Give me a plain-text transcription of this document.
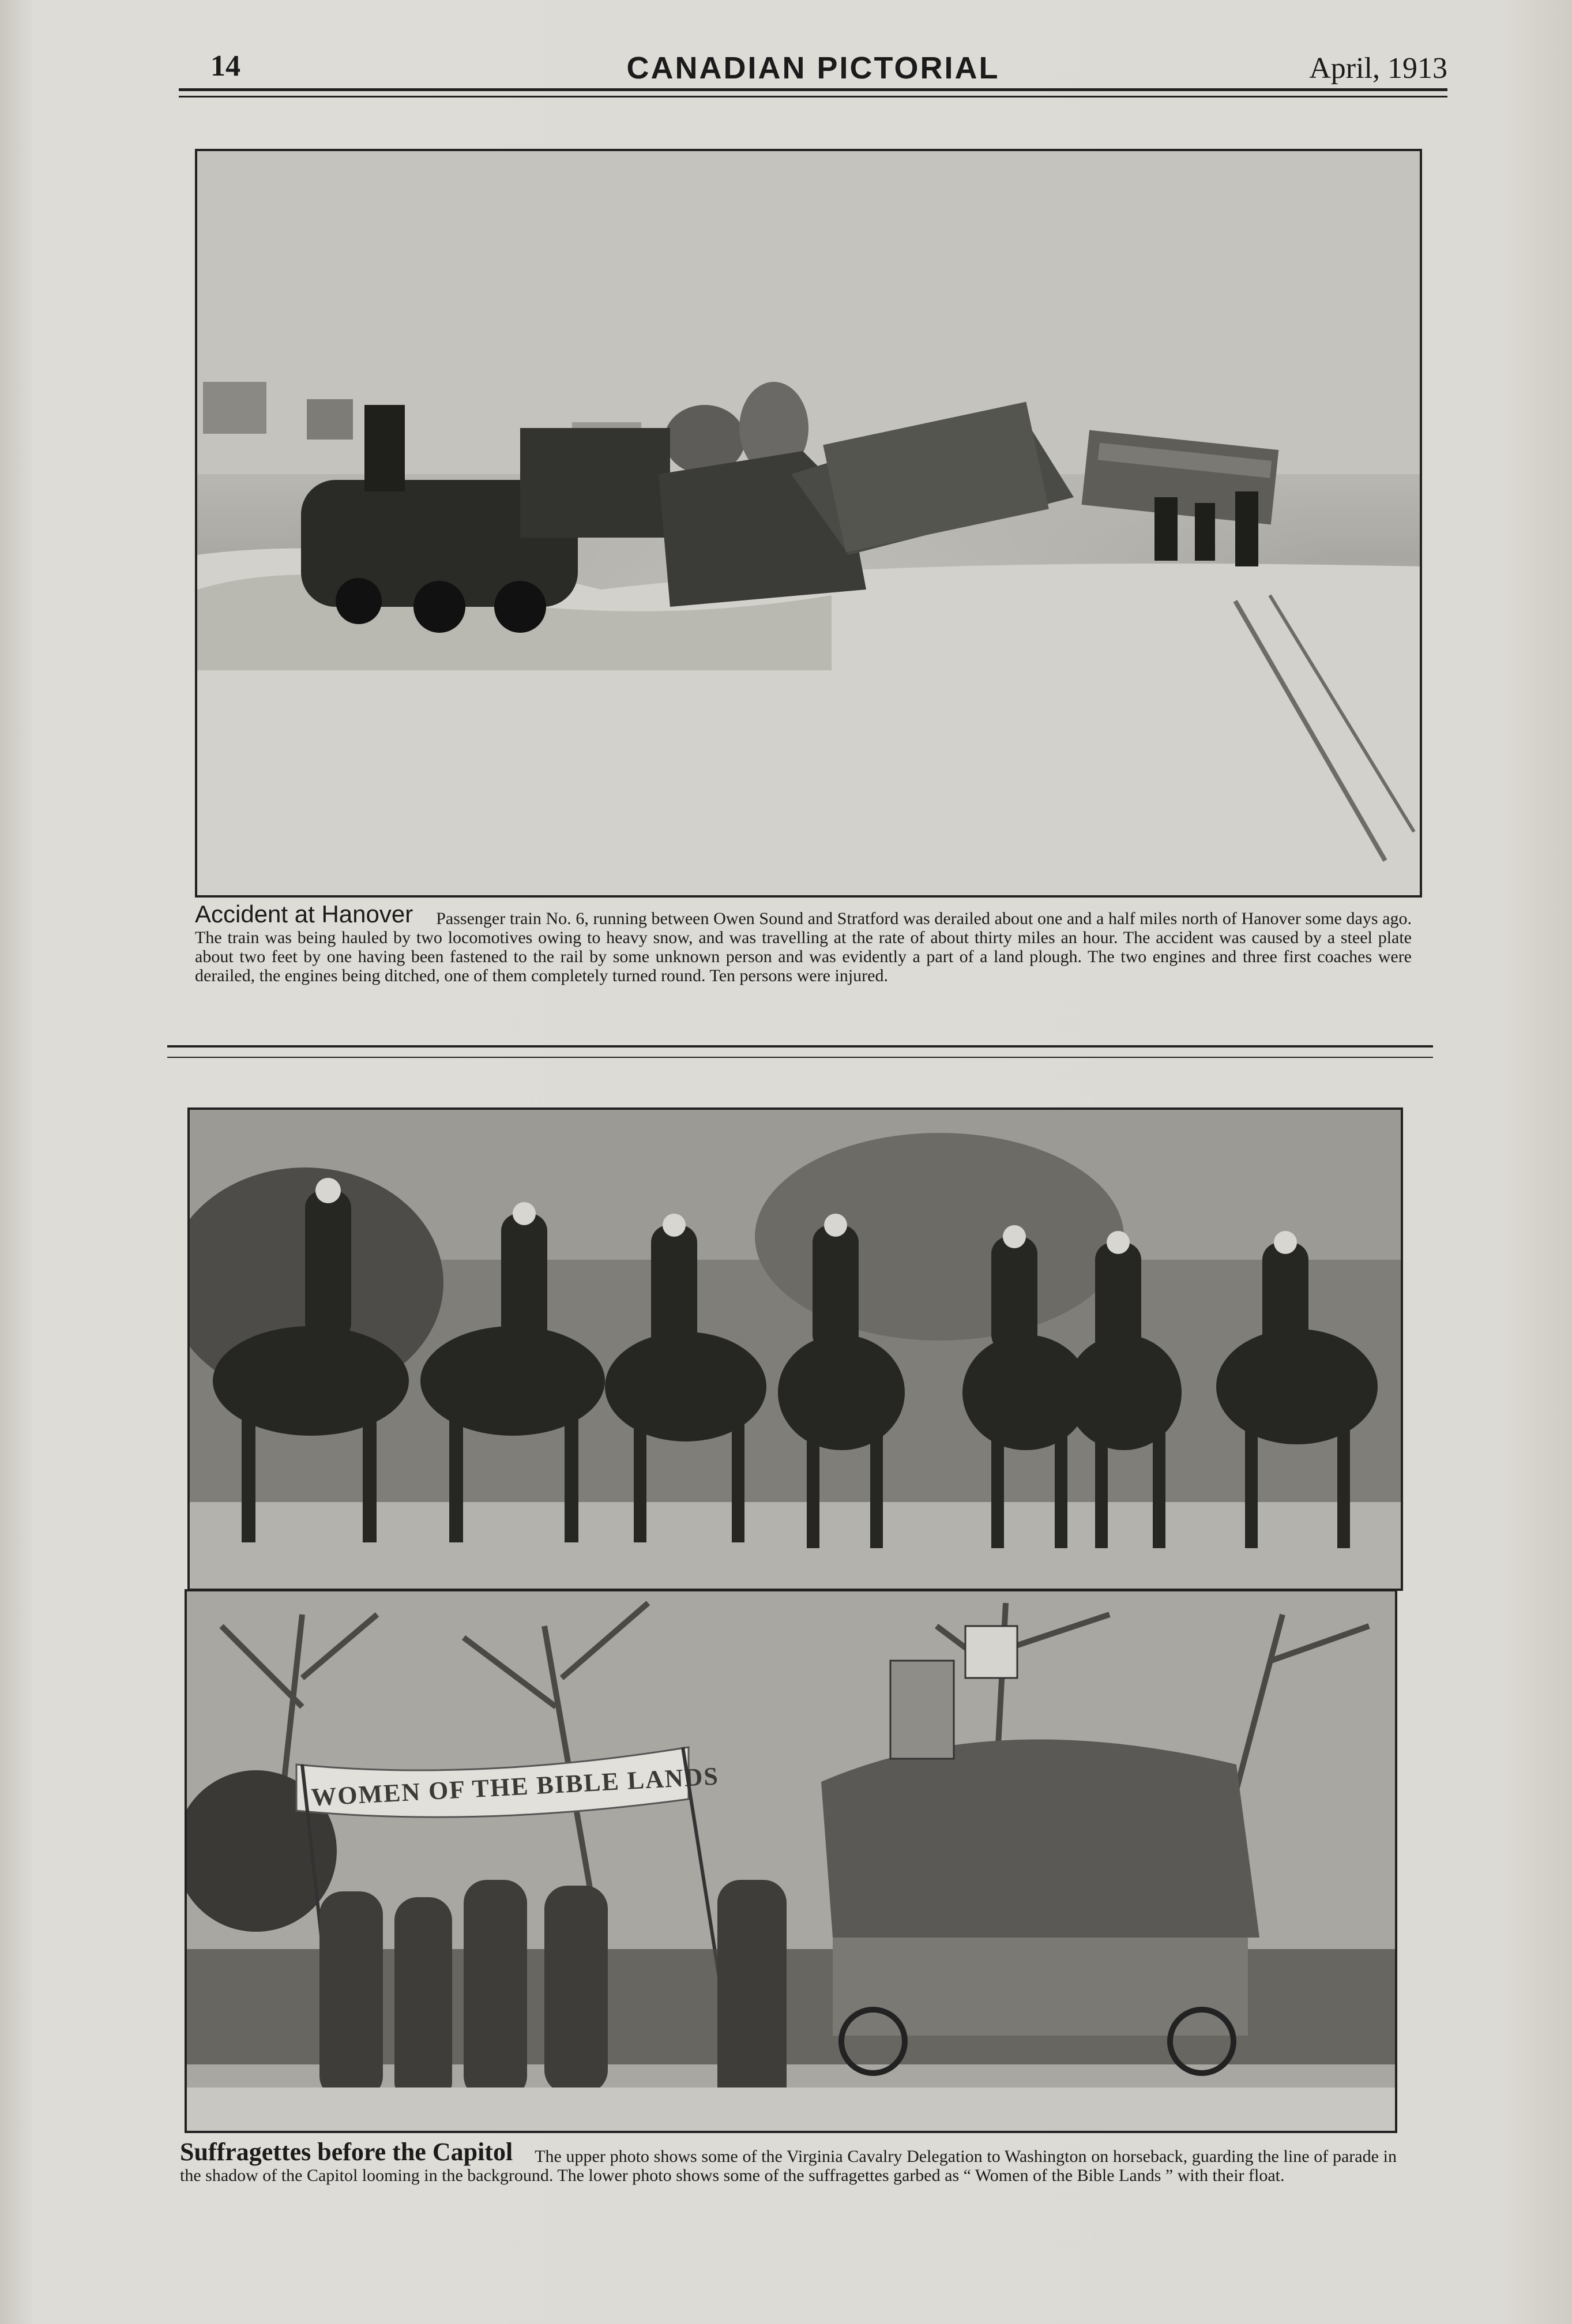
14	CANADIAN PICTORIAL	April, 1913
Accident at Hanover Passenger train No. 6, running between Owen Sound and Stratford was derailed about one and a half miles north of Hanover some days ago. The train was being hauled by two locomotives owing to heavy snow, and was travelling at the rate of about thirty miles an hour. The accident was caused by a steel plate about two feet by one having been fastened to the rail by some unknown person and was evidently a part of a land plough. The two engines and three first coaches were derailed, the engines being ditched, one of them completely turned round. Ten persons were injured.
WOMEN OF THE BIBLE LANDS
Suffragettes before the Capitol The upper photo shows some of the Virginia Cavalry Delegation to Washington on horseback, guarding the line of parade in the shadow of the Capitol looming in the background. The lower photo shows some of the suffragettes garbed as “ Women of the Bible Lands ” with their float.
